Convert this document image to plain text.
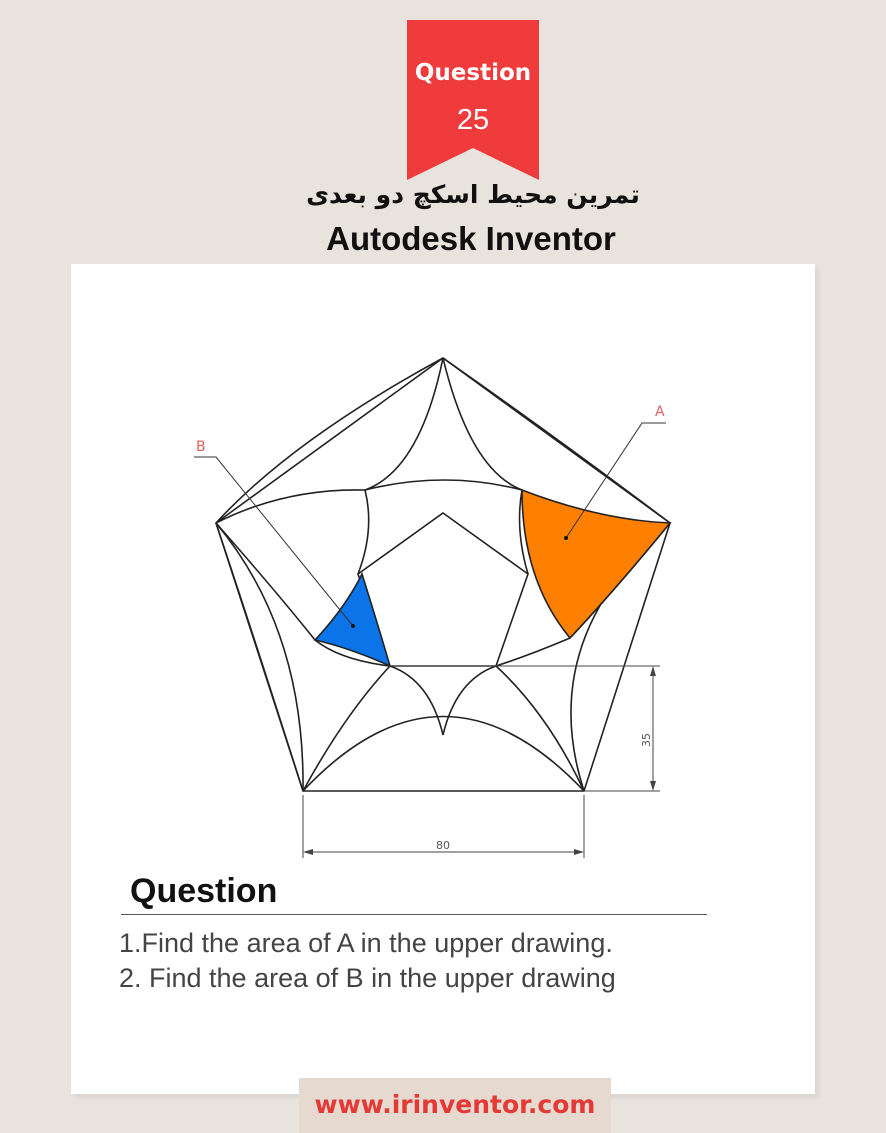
Question
25
تمرین محیط اسکچ دو بعدی
Autodesk Inventor
A
B
35
80
Question
1.Find the area of A in the upper drawing.
2. Find the area of B in the upper drawing
www.irinventor.com
